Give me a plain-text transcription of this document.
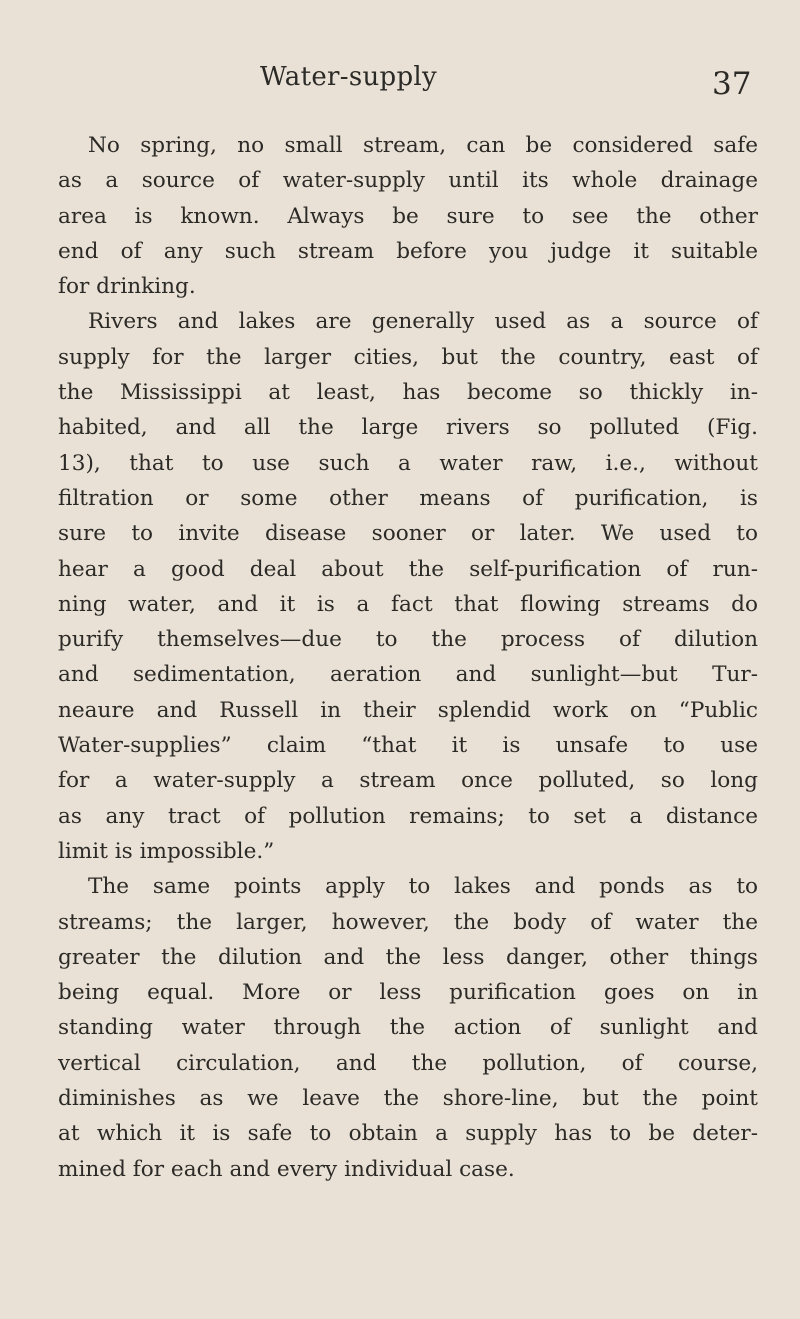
Water-supply	37
No spring, no small stream, can be considered safe
as a source of water-supply until its whole drainage
area is known. Always be sure to see the other
end of any such stream before you judge it suitable
for drinking.
Rivers and lakes are generally used as a source of
supply for the larger cities, but the country, east of
the Mississippi at least, has become so thickly in-
habited, and all the large rivers so polluted (Fig.
13), that to use such a water raw, i.e., without
filtration or some other means of purification, is
sure to invite disease sooner or later. We used to
hear a good deal about the self-purification of run-
ning water, and it is a fact that flowing streams do
purify themselves—due to the process of dilution
and sedimentation, aeration and sunlight—but Tur-
neaure and Russell in their splendid work on “Public
Water-supplies” claim “that it is unsafe to use
for a water-supply a stream once polluted, so long
as any tract of pollution remains; to set a distance
limit is impossible.”
The same points apply to lakes and ponds as to
streams; the larger, however, the body of water the
greater the dilution and the less danger, other things
being equal. More or less purification goes on in
standing water through the action of sunlight and
vertical circulation, and the pollution, of course,
diminishes as we leave the shore-line, but the point
at which it is safe to obtain a supply has to be deter-
mined for each and every individual case.
